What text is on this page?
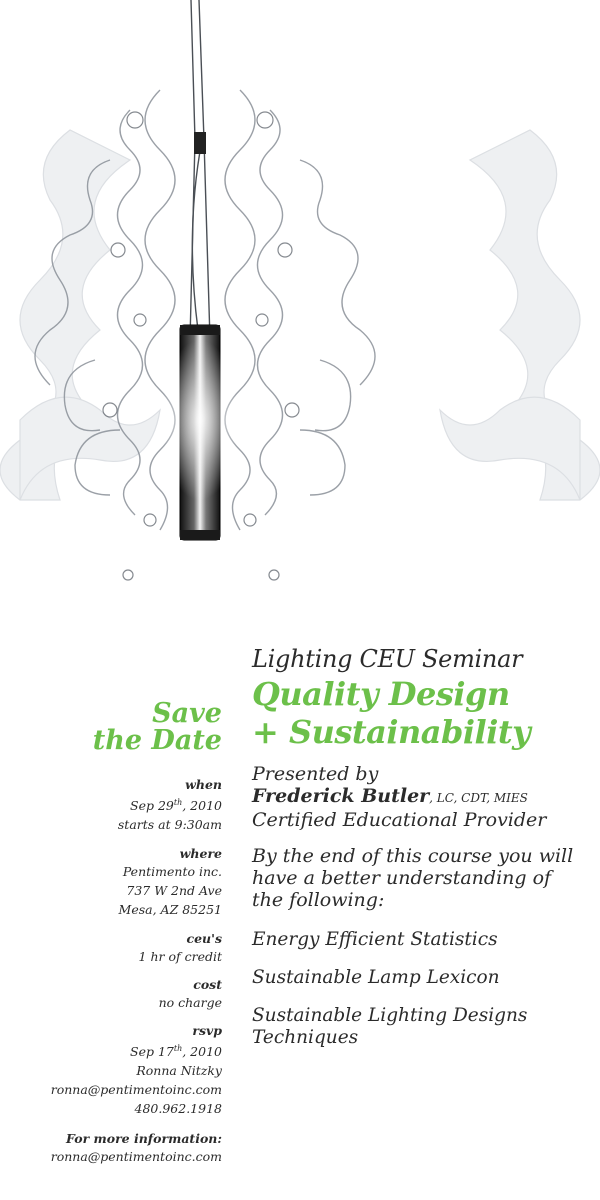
Save
the Date
when
Sep 29th, 2010
starts at 9:30am
where
Pentimento inc.
737 W 2nd Ave
Mesa, AZ 85251
ceu's
1 hr of credit
cost
no charge
rsvp
Sep 17th, 2010
Ronna Nitzky
ronna@pentimentoinc.com
480.962.1918
For more information:
ronna@pentimentoinc.com
Lighting CEU Seminar
Quality Design
+ Sustainability
Presented by
Frederick Butler, LC, CDT, MIES
Certified Educational Provider
By the end of this course you will have a better understanding of the following:
Energy Efficient Statistics
Sustainable Lamp Lexicon
Sustainable Lighting Designs Techniques
